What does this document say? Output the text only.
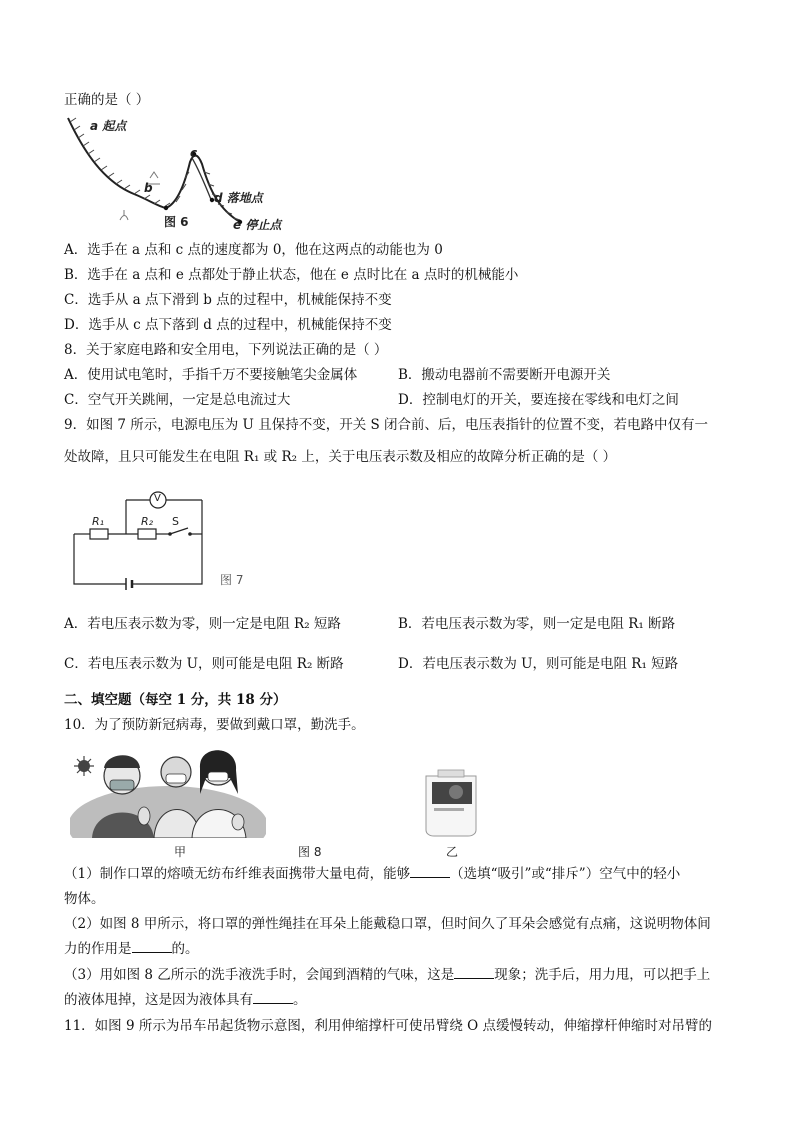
正确的是（ ）
a 起点
b
c
d 落地点
e 停止点
图 6
A．选手在 a 点和 c 点的速度都为 0，他在这两点的动能也为 0
B．选手在 a 点和 e 点都处于静止状态，他在 e 点时比在 a 点时的机械能小
C．选手从 a 点下滑到 b 点的过程中，机械能保持不变
D．选手从 c 点下落到 d 点的过程中，机械能保持不变
8．关于家庭电路和安全用电，下列说法正确的是（ ）
A．使用试电笔时，手指千万不要接触笔尖金属体	B．搬动电器前不需要断开电源开关
C．空气开关跳闸，一定是总电流过大	D．控制电灯的开关，要连接在零线和电灯之间
9．如图 7 所示，电源电压为 U 且保持不变，开关 S 闭合前、后，电压表指针的位置不变，若电路中仅有一
处故障，且只可能发生在电阻 R₁ 或 R₂ 上，关于电压表示数及相应的故障分析正确的是（ ）
V
R₁	R₂ S
图 7
A．若电压表示数为零，则一定是电阻 R₂ 短路	B．若电压表示数为零，则一定是电阻 R₁ 断路
C．若电压表示数为 U，则可能是电阻 R₂ 断路	D．若电压表示数为 U，则可能是电阻 R₁ 短路
二、填空题（每空 1 分，共 18 分）
10．为了预防新冠病毒，要做到戴口罩，勤洗手。
甲	图 8	乙
（1）制作口罩的熔喷无纺布纤维表面携带大量电荷，能够	（选填“吸引”或“排斥”）空气中的轻小
物体。
（2）如图 8 甲所示，将口罩的弹性绳挂在耳朵上能戴稳口罩，但时间久了耳朵会感觉有点痛，这说明物体间
力的作用是	的。
（3）用如图 8 乙所示的洗手液洗手时，会闻到酒精的气味，这是	现象；洗手后，用力甩，可以把手上
的液体甩掉，这是因为液体具有	。
11．如图 9 所示为吊车吊起货物示意图，利用伸缩撑杆可使吊臂绕 O 点缓慢转动，伸缩撑杆伸缩时对吊臂的
